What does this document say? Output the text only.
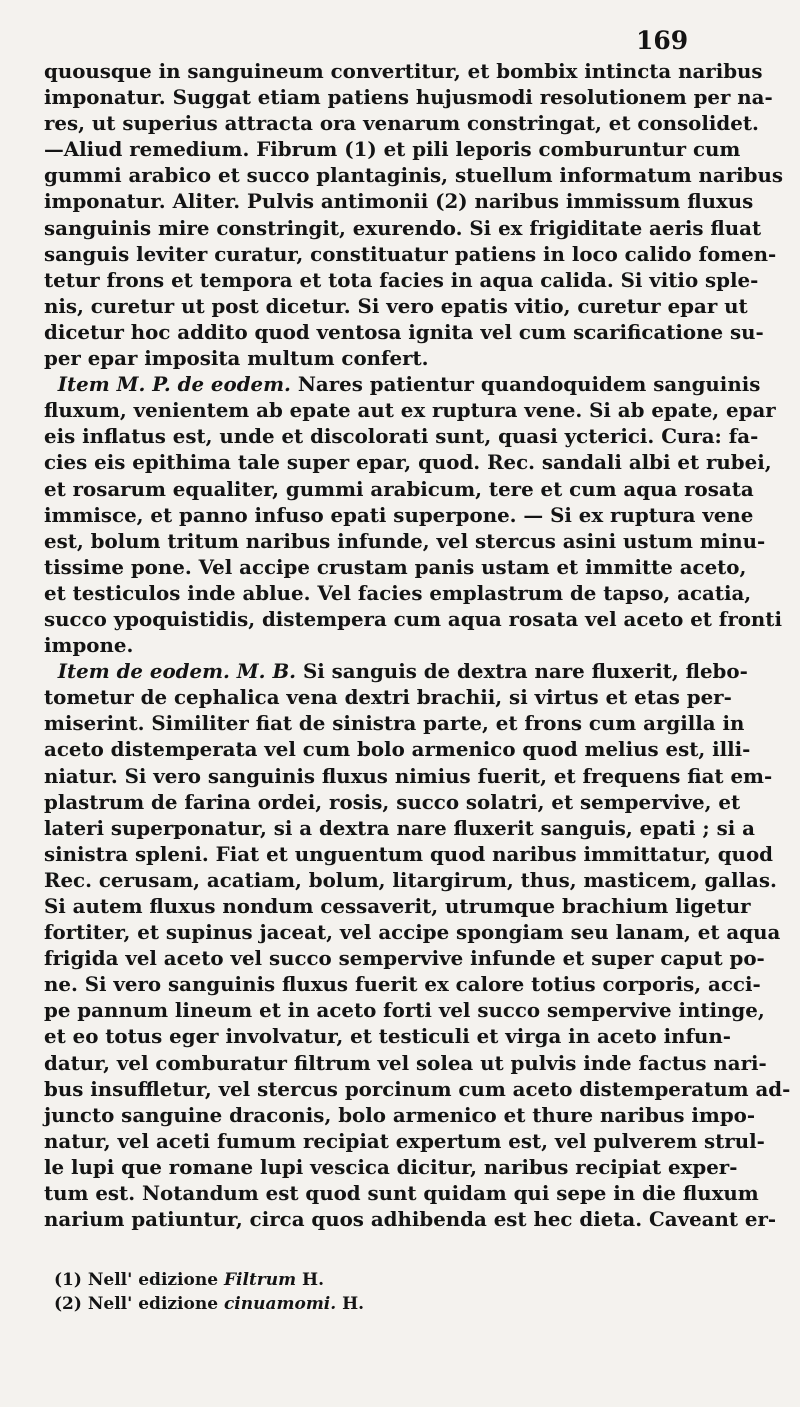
169
quousque in sanguineum convertitur, et bombix intincta naribus
imponatur. Suggat etiam patiens hujusmodi resolutionem per na-
res, ut superius attracta ora venarum constringat, et consolidet.
—Aliud remedium. Fibrum (1) et pili leporis comburuntur cum
gummi arabico et succo plantaginis, stuellum informatum naribus
imponatur. Aliter. Pulvis antimonii (2) naribus immissum fluxus
sanguinis mire constringit, exurendo. Si ex frigiditate aeris fluat
sanguis leviter curatur, constituatur patiens in loco calido fomen-
tetur frons et tempora et tota facies in aqua calida. Si vitio sple-
nis, curetur ut post dicetur. Si vero epatis vitio, curetur epar ut
dicetur hoc addito quod ventosa ignita vel cum scarificatione su-
per epar imposita multum confert.
Item M. P. de eodem. Nares patientur quandoquidem sanguinis
fluxum, venientem ab epate aut ex ruptura vene. Si ab epate, epar
eis inflatus est, unde et discolorati sunt, quasi ycterici. Cura: fa-
cies eis epithima tale super epar, quod. Rec. sandali albi et rubei,
et rosarum equaliter, gummi arabicum, tere et cum aqua rosata
immisce, et panno infuso epati superpone. — Si ex ruptura vene
est, bolum tritum naribus infunde, vel stercus asini ustum minu-
tissime pone. Vel accipe crustam panis ustam et immitte aceto,
et testiculos inde ablue. Vel facies emplastrum de tapso, acatia,
succo ypoquistidis, distempera cum aqua rosata vel aceto et fronti
impone.
Item de eodem. M. B. Si sanguis de dextra nare fluxerit, flebo-
tometur de cephalica vena dextri brachii, si virtus et etas per-
miserint. Similiter fiat de sinistra parte, et frons cum argilla in
aceto distemperata vel cum bolo armenico quod melius est, illi-
niatur. Si vero sanguinis fluxus nimius fuerit, et frequens fiat em-
plastrum de farina ordei, rosis, succo solatri, et sempervive, et
lateri superponatur, si a dextra nare fluxerit sanguis, epati ; si a
sinistra spleni. Fiat et unguentum quod naribus immittatur, quod
Rec. cerusam, acatiam, bolum, litargirum, thus, masticem, gallas.
Si autem fluxus nondum cessaverit, utrumque brachium ligetur
fortiter, et supinus jaceat, vel accipe spongiam seu lanam, et aqua
frigida vel aceto vel succo sempervive infunde et super caput po-
ne. Si vero sanguinis fluxus fuerit ex calore totius corporis, acci-
pe pannum lineum et in aceto forti vel succo sempervive intinge,
et eo totus eger involvatur, et testiculi et virga in aceto infun-
datur, vel comburatur filtrum vel solea ut pulvis inde factus nari-
bus insuffletur, vel stercus porcinum cum aceto distemperatum ad-
juncto sanguine draconis, bolo armenico et thure naribus impo-
natur, vel aceti fumum recipiat expertum est, vel pulverem strul-
le lupi que romane lupi vescica dicitur, naribus recipiat exper-
tum est. Notandum est quod sunt quidam qui sepe in die fluxum
narium patiuntur, circa quos adhibenda est hec dieta. Caveant er-
(1) Nell' edizione Filtrum H.
(2) Nell' edizione cinuamomi. H.
